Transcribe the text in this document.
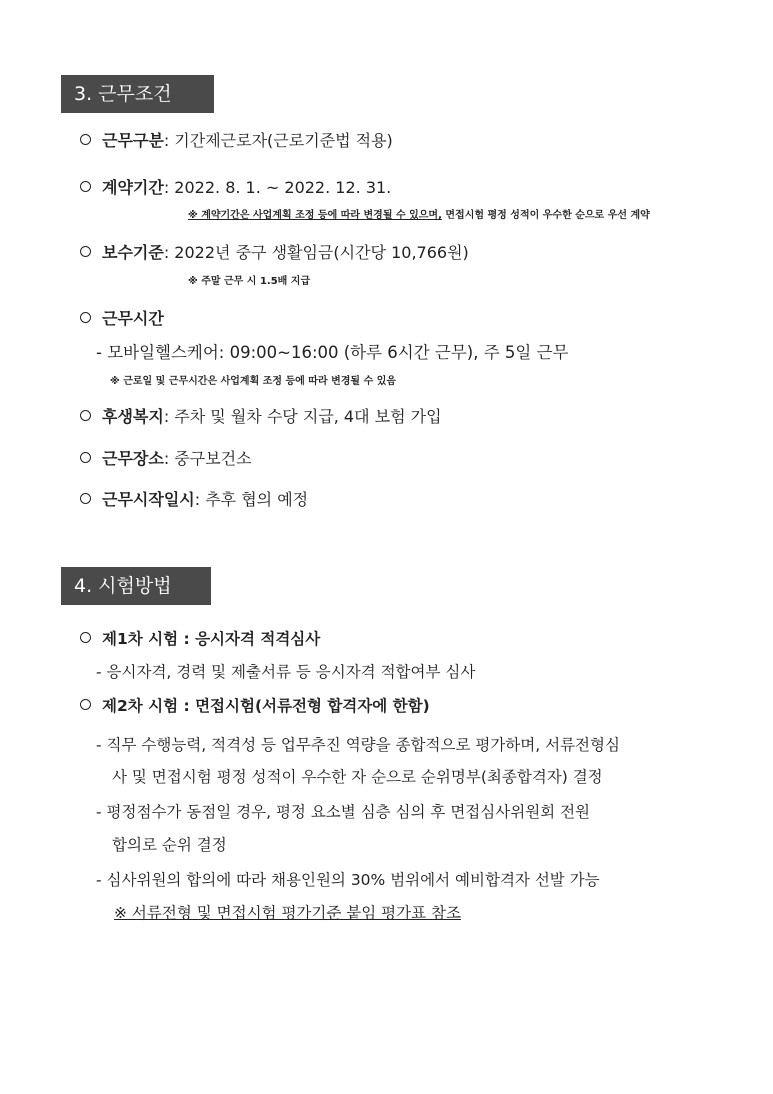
3. 근무조건
근무구분: 기간제근로자(근로기준법 적용)
계약기간: 2022. 8. 1. ~ 2022. 12. 31.
※ 계약기간은 사업계획 조정 등에 따라 변경될 수 있으며, 면접시험 평정 성적이 우수한 순으로 우선 계약
보수기준: 2022년 중구 생활임금(시간당 10,766원)
※ 주말 근무 시 1.5배 지급
근무시간
- 모바일헬스케어: 09:00~16:00 (하루 6시간 근무), 주 5일 근무
※ 근로일 및 근무시간은 사업계획 조정 등에 따라 변경될 수 있음
후생복지: 주차 및 월차 수당 지급, 4대 보험 가입
근무장소: 중구보건소
근무시작일시: 추후 협의 예정
4. 시험방법
제1차 시험 : 응시자격 적격심사
- 응시자격, 경력 및 제출서류 등 응시자격 적합여부 심사
제2차 시험 : 면접시험(서류전형 합격자에 한함)
- 직무 수행능력, 적격성 등 업무추진 역량을 종합적으로 평가하며, 서류전형심
사 및 면접시험 평정 성적이 우수한 자 순으로 순위명부(최종합격자) 결정
- 평정점수가 동점일 경우, 평정 요소별 심층 심의 후 면접심사위원회 전원
합의로 순위 결정
- 심사위원의 합의에 따라 채용인원의 30% 범위에서 예비합격자 선발 가능
※ 서류전형 및 면접시험 평가기준 붙임 평가표 참조
